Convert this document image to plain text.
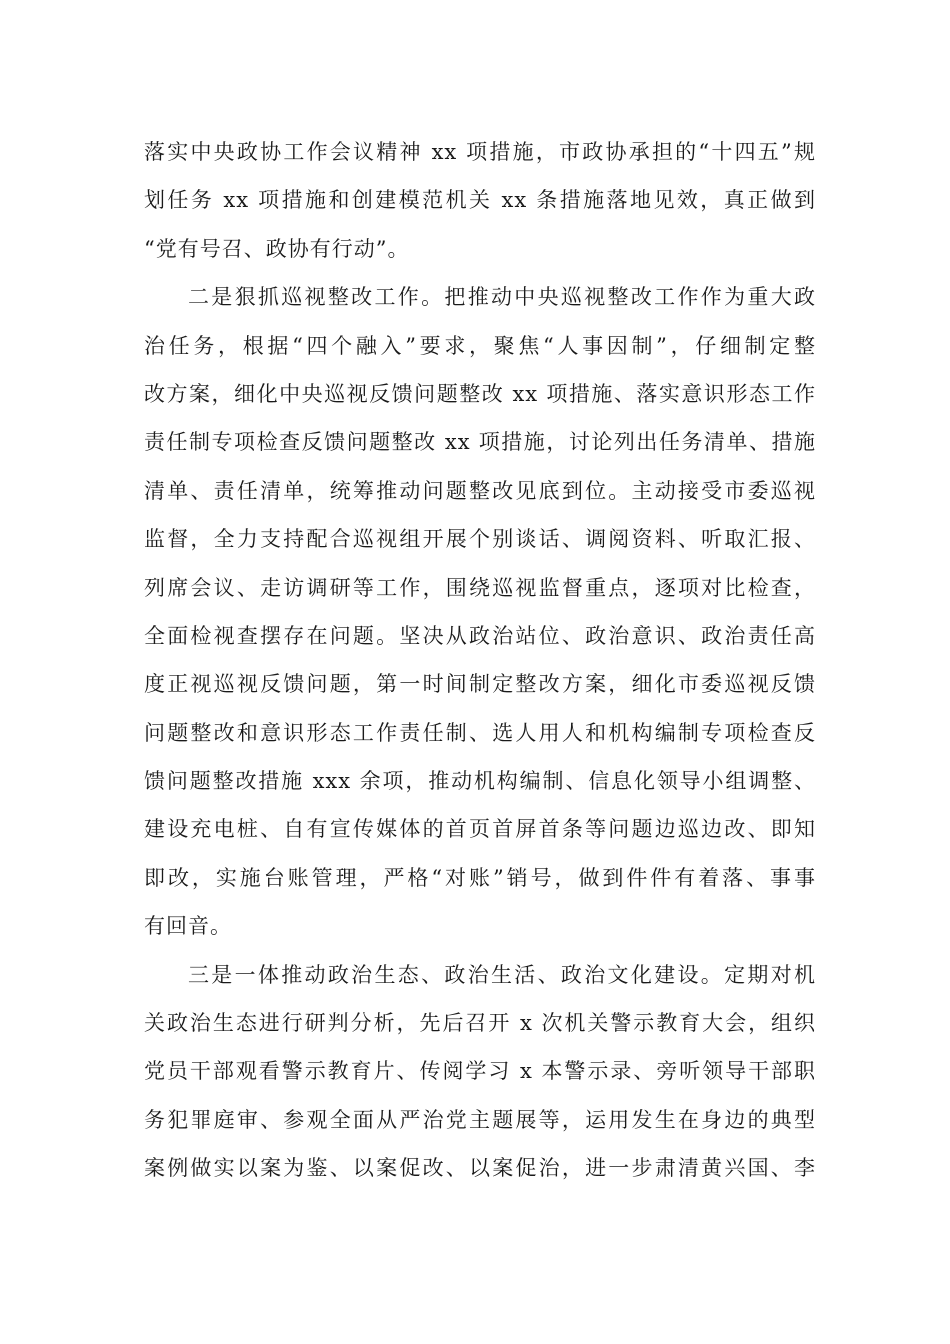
落实中央政协工作会议精神 xx 项措施，市政协承担的“十四五”规
划任务 xx 项措施和创建模范机关 xx 条措施落地见效，真正做到
“党有号召、政协有行动”。
二是狠抓巡视整改工作。把推动中央巡视整改工作作为重大政
治任务，根据“四个融入”要求，聚焦“人事因制”，仔细制定整
改方案，细化中央巡视反馈问题整改 xx 项措施、落实意识形态工作
责任制专项检查反馈问题整改 xx 项措施，讨论列出任务清单、措施
清单、责任清单，统筹推动问题整改见底到位。主动接受市委巡视
监督，全力支持配合巡视组开展个别谈话、调阅资料、听取汇报、
列席会议、走访调研等工作，围绕巡视监督重点，逐项对比检查，
全面检视查摆存在问题。坚决从政治站位、政治意识、政治责任高
度正视巡视反馈问题，第一时间制定整改方案，细化市委巡视反馈
问题整改和意识形态工作责任制、选人用人和机构编制专项检查反
馈问题整改措施 xxx 余项，推动机构编制、信息化领导小组调整、
建设充电桩、自有宣传媒体的首页首屏首条等问题边巡边改、即知
即改，实施台账管理，严格“对账”销号，做到件件有着落、事事
有回音。
三是一体推动政治生态、政治生活、政治文化建设。定期对机
关政治生态进行研判分析，先后召开 x 次机关警示教育大会，组织
党员干部观看警示教育片、传阅学习 x 本警示录、旁听领导干部职
务犯罪庭审、参观全面从严治党主题展等，运用发生在身边的典型
案例做实以案为鉴、以案促改、以案促治，进一步肃清黄兴国、李
